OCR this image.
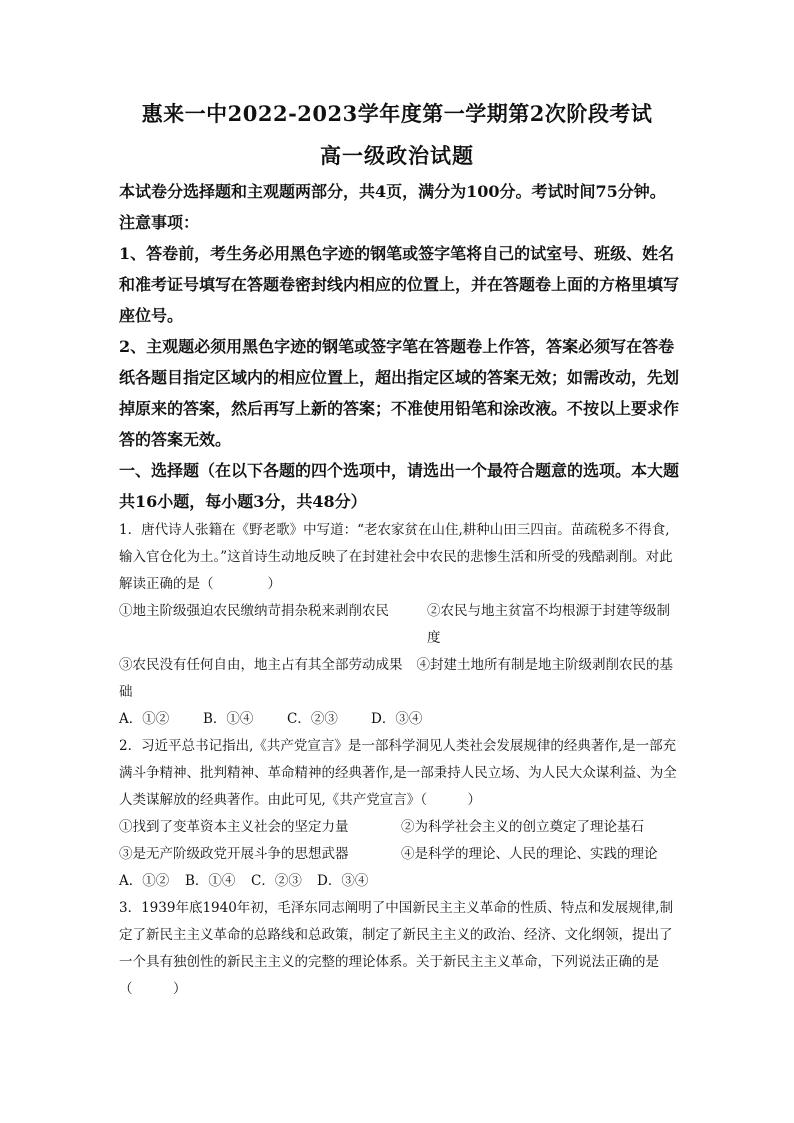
惠来一中2022-2023学年度第一学期第2次阶段考试
高一级政治试题

本试卷分选择题和主观题两部分，共4页，满分为100分。考试时间75分钟。

注意事项：

1、答卷前，考生务必用黑色字迹的钢笔或签字笔将自己的试室号、班级、姓名和准考证号填写在答题卷密封线内相应的位置上，并在答题卷上面的方格里填写座位号。

2、主观题必须用黑色字迹的钢笔或签字笔在答题卷上作答，答案必须写在答卷纸各题目指定区域内的相应位置上，超出指定区域的答案无效；如需改动，先划掉原来的答案，然后再写上新的答案；不准使用铅笔和涂改液。不按以上要求作答的答案无效。

一、选择题（在以下各题的四个选项中，请选出一个最符合题意的选项。本大题共16小题，每小题3分，共48分）

1．唐代诗人张籍在《野老歌》中写道：“老农家贫在山住,耕种山田三四亩。苗疏税多不得食,输入官仓化为土。”这首诗生动地反映了在封建社会中农民的悲惨生活和所受的残酷剥削。对此解读正确的是（　　　　）

①地主阶级强迫农民缴纳苛捐杂税来剥削农民	②农民与地主贫富不均根源于封建等级制度

③农民没有任何自由，地主占有其全部劳动成果 ④封建土地所有制是地主阶级剥削农民的基础

A．①②	B．①④ C．②③ D．③④

2．习近平总书记指出,《共产党宣言》是一部科学洞见人类社会发展规律的经典著作,是一部充满斗争精神、批判精神、革命精神的经典著作,是一部秉持人民立场、为人民大众谋利益、为全人类谋解放的经典著作。由此可见,《共产党宣言》（　　　）

①找到了变革资本主义社会的坚定力量	②为科学社会主义的创立奠定了理论基石
③是无产阶级政党开展斗争的思想武器	④是科学的理论、人民的理论、实践的理论

A．①② B．①④ C．②③ D．③④

3．1939年底1940年初，毛泽东同志阐明了中国新民主主义革命的性质、特点和发展规律,制定了新民主主义革命的总路线和总政策，制定了新民主主义的政治、经济、文化纲领，提出了一个具有独创性的新民主主义的完整的理论体系。关于新民主主义革命，下列说法正确的是（　　　）
